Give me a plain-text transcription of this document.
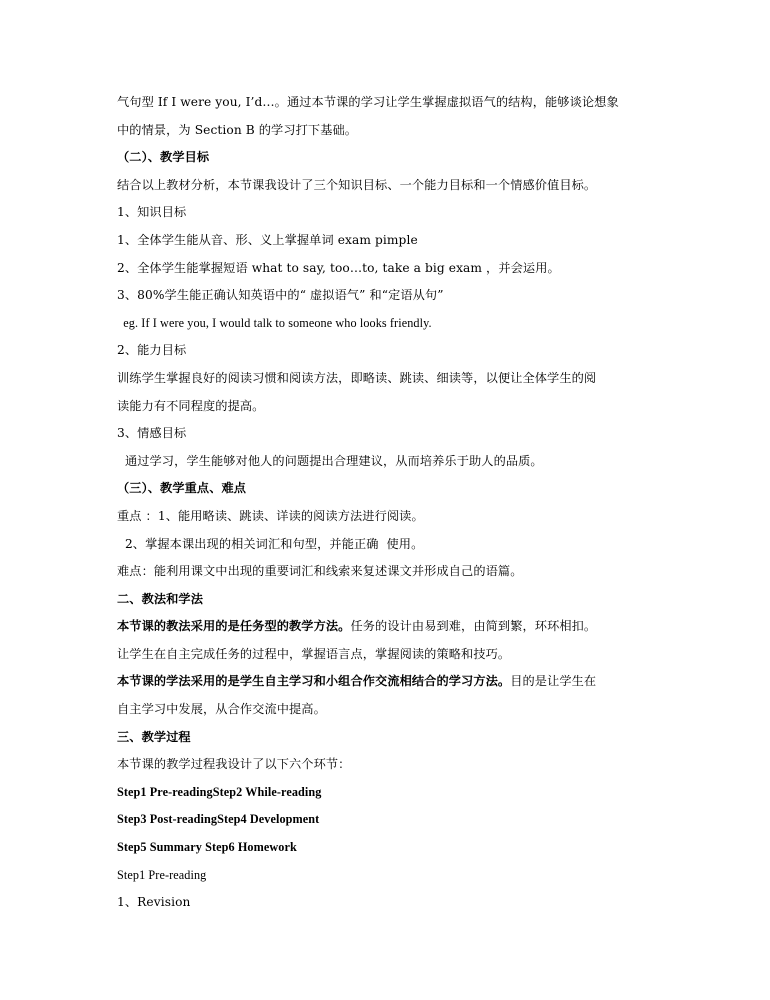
气句型 If I were you, I’d…。通过本节课的学习让学生掌握虚拟语气的结构，能够谈论想象
中的情景，为 Section B 的学习打下基础。
（二）、教学目标
结合以上教材分析，本节课我设计了三个知识目标、一个能力目标和一个情感价值目标。
1、知识目标
1、全体学生能从音、形、义上掌握单词 exam pimple
2、全体学生能掌握短语 what to say, too…to, take a big exam ，并会运用。
3、80%学生能正确认知英语中的“ 虚拟语气” 和“定语从句”
eg. If I were you, I would talk to someone who looks friendly.
2、能力目标
训练学生掌握良好的阅读习惯和阅读方法，即略读、跳读、细读等，以便让全体学生的阅
读能力有不同程度的提高。
3、情感目标
通过学习，学生能够对他人的问题提出合理建议，从而培养乐于助人的品质。
（三）、教学重点、难点
重点 ：1、能用略读、跳读、详读的阅读方法进行阅读。
2、掌握本课出现的相关词汇和句型，并能正确  使用。
难点：能利用课文中出现的重要词汇和线索来复述课文并形成自己的语篇。
二、教法和学法
本节课的教法采用的是任务型的教学方法。任务的设计由易到难，由简到繁，环环相扣。
让学生在自主完成任务的过程中，掌握语言点，掌握阅读的策略和技巧。
本节课的学法采用的是学生自主学习和小组合作交流相结合的学习方法。目的是让学生在
自主学习中发展，从合作交流中提高。
三、教学过程
本节课的教学过程我设计了以下六个环节：
Step1 Pre-readingStep2 While-reading
Step3 Post-readingStep4 Development
Step5 Summary Step6 Homework
Step1 Pre-reading
1、Revision
